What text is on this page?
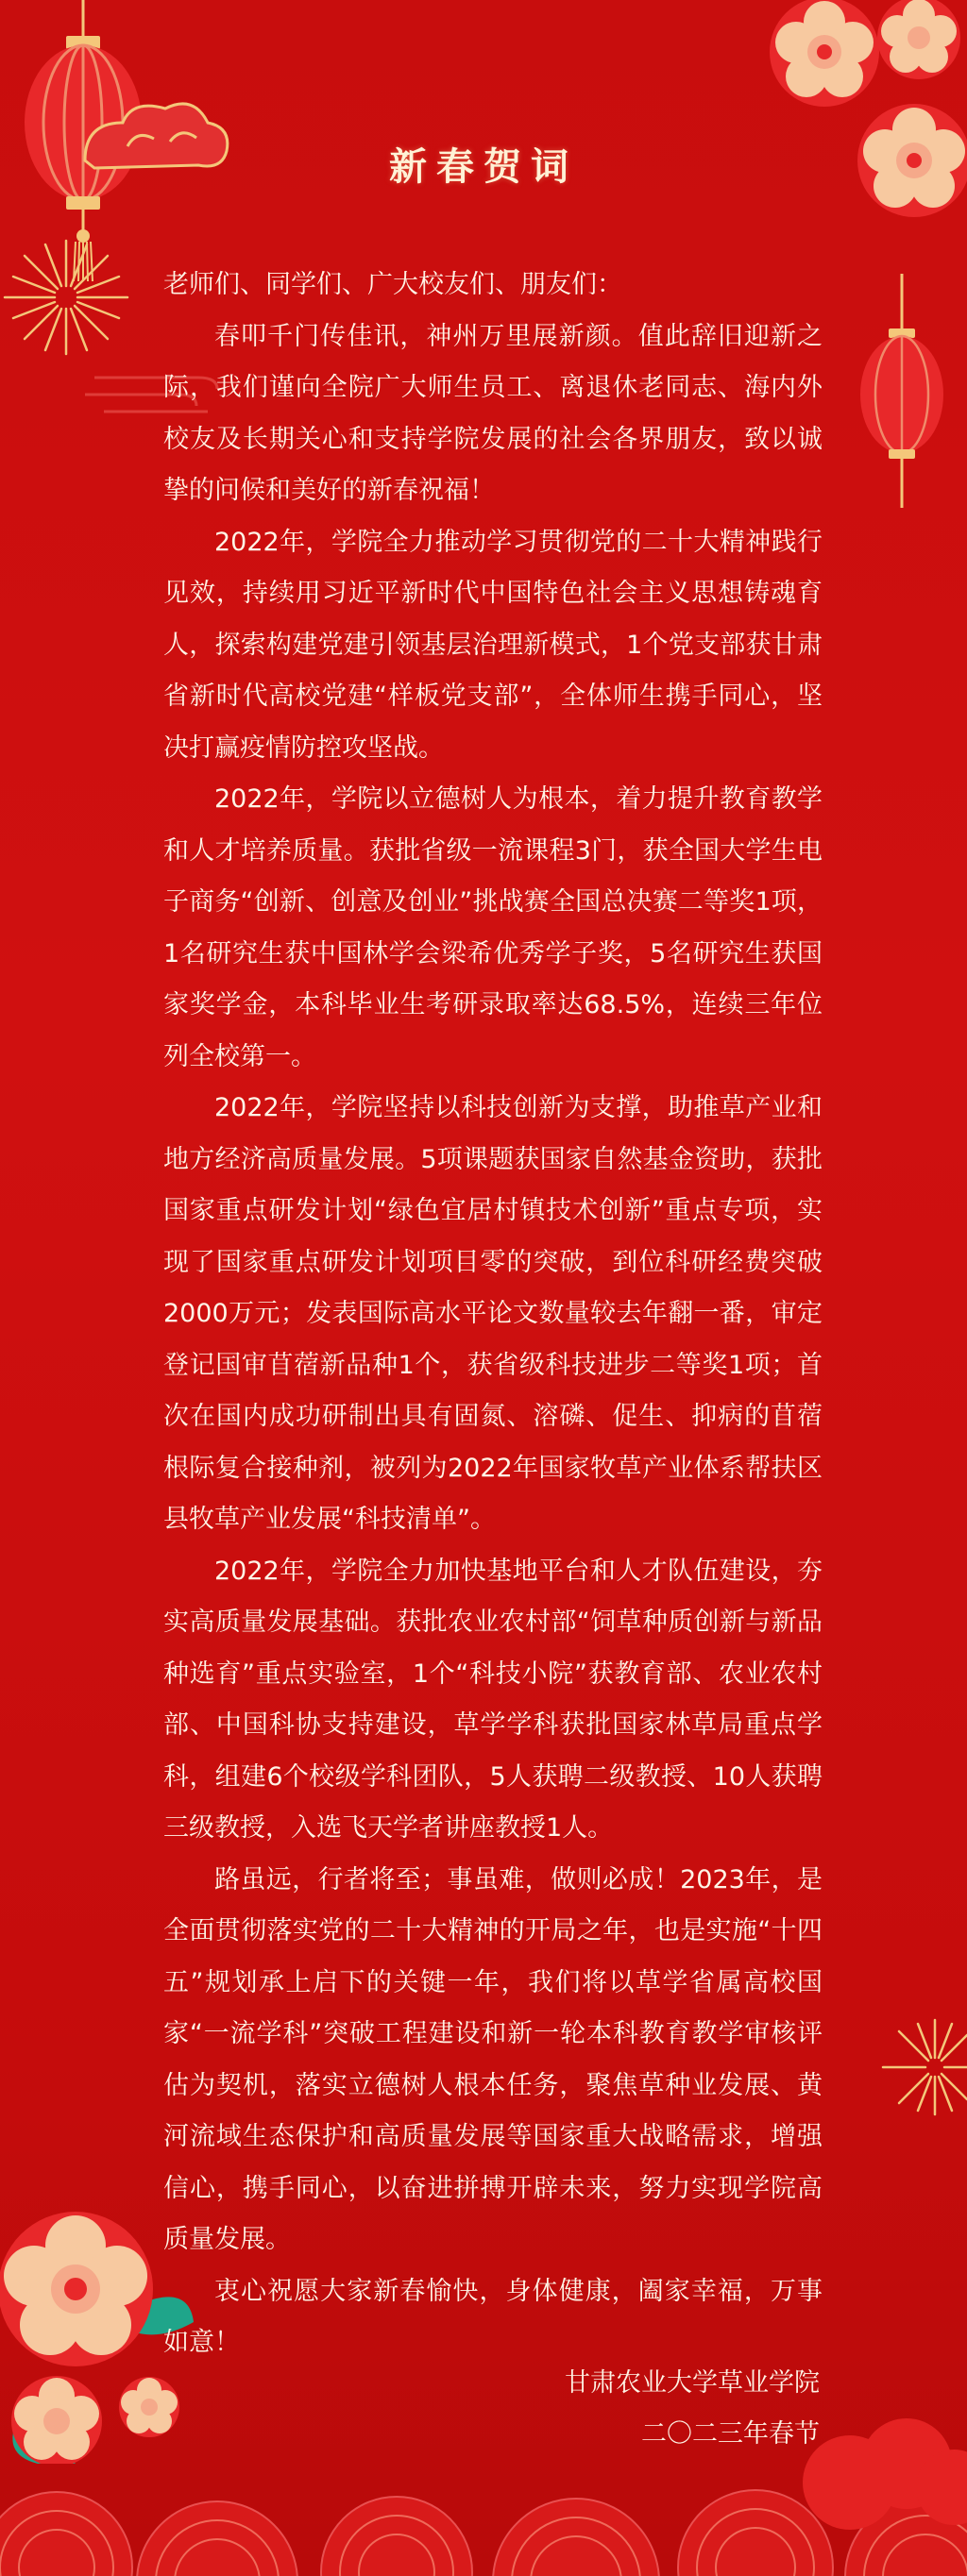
新春贺词

老师们、同学们、广大校友们、朋友们：

春叩千门传佳讯，神州万里展新颜。值此辞旧迎新之际，我们谨向全院广大师生员工、离退休老同志、海内外校友及长期关心和支持学院发展的社会各界朋友，致以诚挚的问候和美好的新春祝福！

2022年，学院全力推动学习贯彻党的二十大精神践行见效，持续用习近平新时代中国特色社会主义思想铸魂育人，探索构建党建引领基层治理新模式，1个党支部获甘肃省新时代高校党建“样板党支部”，全体师生携手同心，坚决打赢疫情防控攻坚战。

2022年，学院以立德树人为根本，着力提升教育教学和人才培养质量。获批省级一流课程3门，获全国大学生电子商务“创新、创意及创业”挑战赛全国总决赛二等奖1项，1名研究生获中国林学会梁希优秀学子奖，5名研究生获国家奖学金，本科毕业生考研录取率达68.5%，连续三年位列全校第一。

2022年，学院坚持以科技创新为支撑，助推草产业和地方经济高质量发展。5项课题获国家自然基金资助，获批国家重点研发计划“绿色宜居村镇技术创新”重点专项，实现了国家重点研发计划项目零的突破，到位科研经费突破2000万元；发表国际高水平论文数量较去年翻一番，审定登记国审苜蓿新品种1个，获省级科技进步二等奖1项；首次在国内成功研制出具有固氮、溶磷、促生、抑病的苜蓿根际复合接种剂，被列为2022年国家牧草产业体系帮扶区县牧草产业发展“科技清单”。

2022年，学院全力加快基地平台和人才队伍建设，夯实高质量发展基础。获批农业农村部“饲草种质创新与新品种选育”重点实验室，1个“科技小院”获教育部、农业农村部、中国科协支持建设，草学学科获批国家林草局重点学科，组建6个校级学科团队，5人获聘二级教授、10人获聘三级教授，入选飞天学者讲座教授1人。

路虽远，行者将至；事虽难，做则必成！2023年，是全面贯彻落实党的二十大精神的开局之年，也是实施“十四五”规划承上启下的关键一年，我们将以草学省属高校国家“一流学科”突破工程建设和新一轮本科教育教学审核评估为契机，落实立德树人根本任务，聚焦草种业发展、黄河流域生态保护和高质量发展等国家重大战略需求，增强信心，携手同心，以奋进拼搏开辟未来，努力实现学院高质量发展。

衷心祝愿大家新春愉快，身体健康，阖家幸福，万事如意！

甘肃农业大学草业学院
二〇二三年春节
